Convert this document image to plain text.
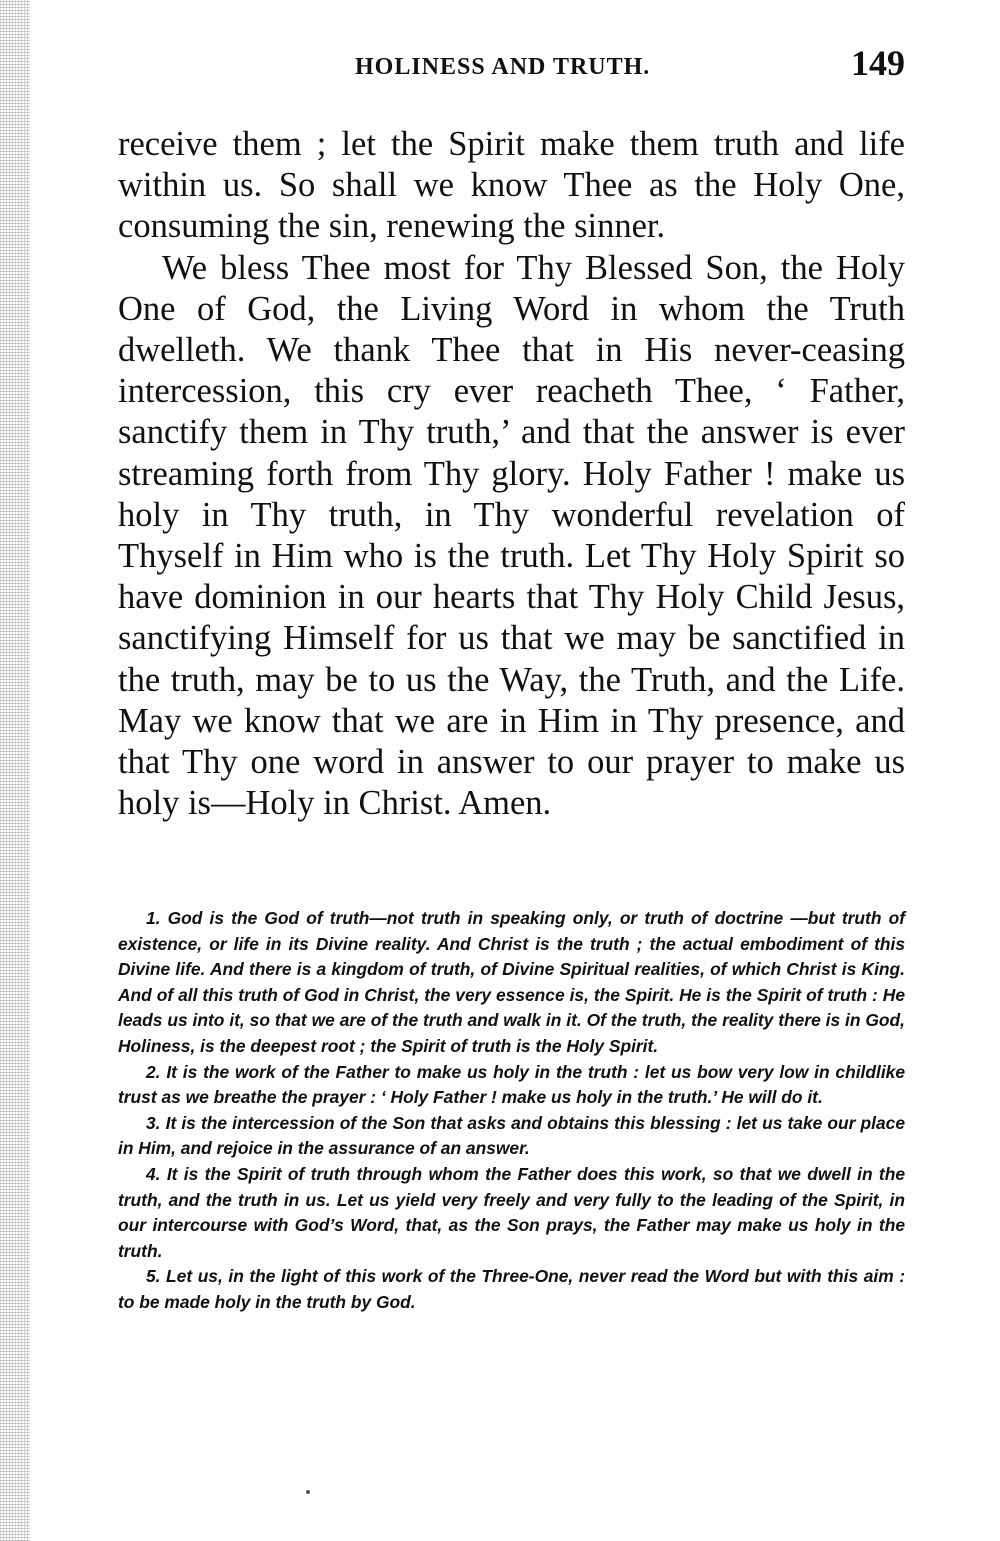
HOLINESS AND TRUTH.	149

receive them ; let the Spirit make them truth and life within us. So shall we know Thee as the Holy One, consuming the sin, renewing the sinner.

We bless Thee most for Thy Blessed Son, the Holy One of God, the Living Word in whom the Truth dwelleth. We thank Thee that in His never-ceasing intercession, this cry ever reacheth Thee, ‘ Father, sanctify them in Thy truth,’ and that the answer is ever streaming forth from Thy glory. Holy Father ! make us holy in Thy truth, in Thy wonderful revelation of Thyself in Him who is the truth. Let Thy Holy Spirit so have dominion in our hearts that Thy Holy Child Jesus, sanctifying Himself for us that we may be sanctified in the truth, may be to us the Way, the Truth, and the Life. May we know that we are in Him in Thy presence, and that Thy one word in answer to our prayer to make us holy is—Holy in Christ. Amen.

1. God is the God of truth—not truth in speaking only, or truth of doctrine —but truth of existence, or life in its Divine reality. And Christ is the truth ; the actual embodiment of this Divine life. And there is a kingdom of truth, of Divine Spiritual realities, of which Christ is King. And of all this truth of God in Christ, the very essence is, the Spirit. He is the Spirit of truth : He leads us into it, so that we are of the truth and walk in it. Of the truth, the reality there is in God, Holiness, is the deepest root ; the Spirit of truth is the Holy Spirit.

2. It is the work of the Father to make us holy in the truth : let us bow very low in childlike trust as we breathe the prayer : ‘ Holy Father ! make us holy in the truth.’ He will do it.

3. It is the intercession of the Son that asks and obtains this blessing : let us take our place in Him, and rejoice in the assurance of an answer.

4. It is the Spirit of truth through whom the Father does this work, so that we dwell in the truth, and the truth in us. Let us yield very freely and very fully to the leading of the Spirit, in our intercourse with God’s Word, that, as the Son prays, the Father may make us holy in the truth.

5. Let us, in the light of this work of the Three-One, never read the Word but with this aim : to be made holy in the truth by God.
